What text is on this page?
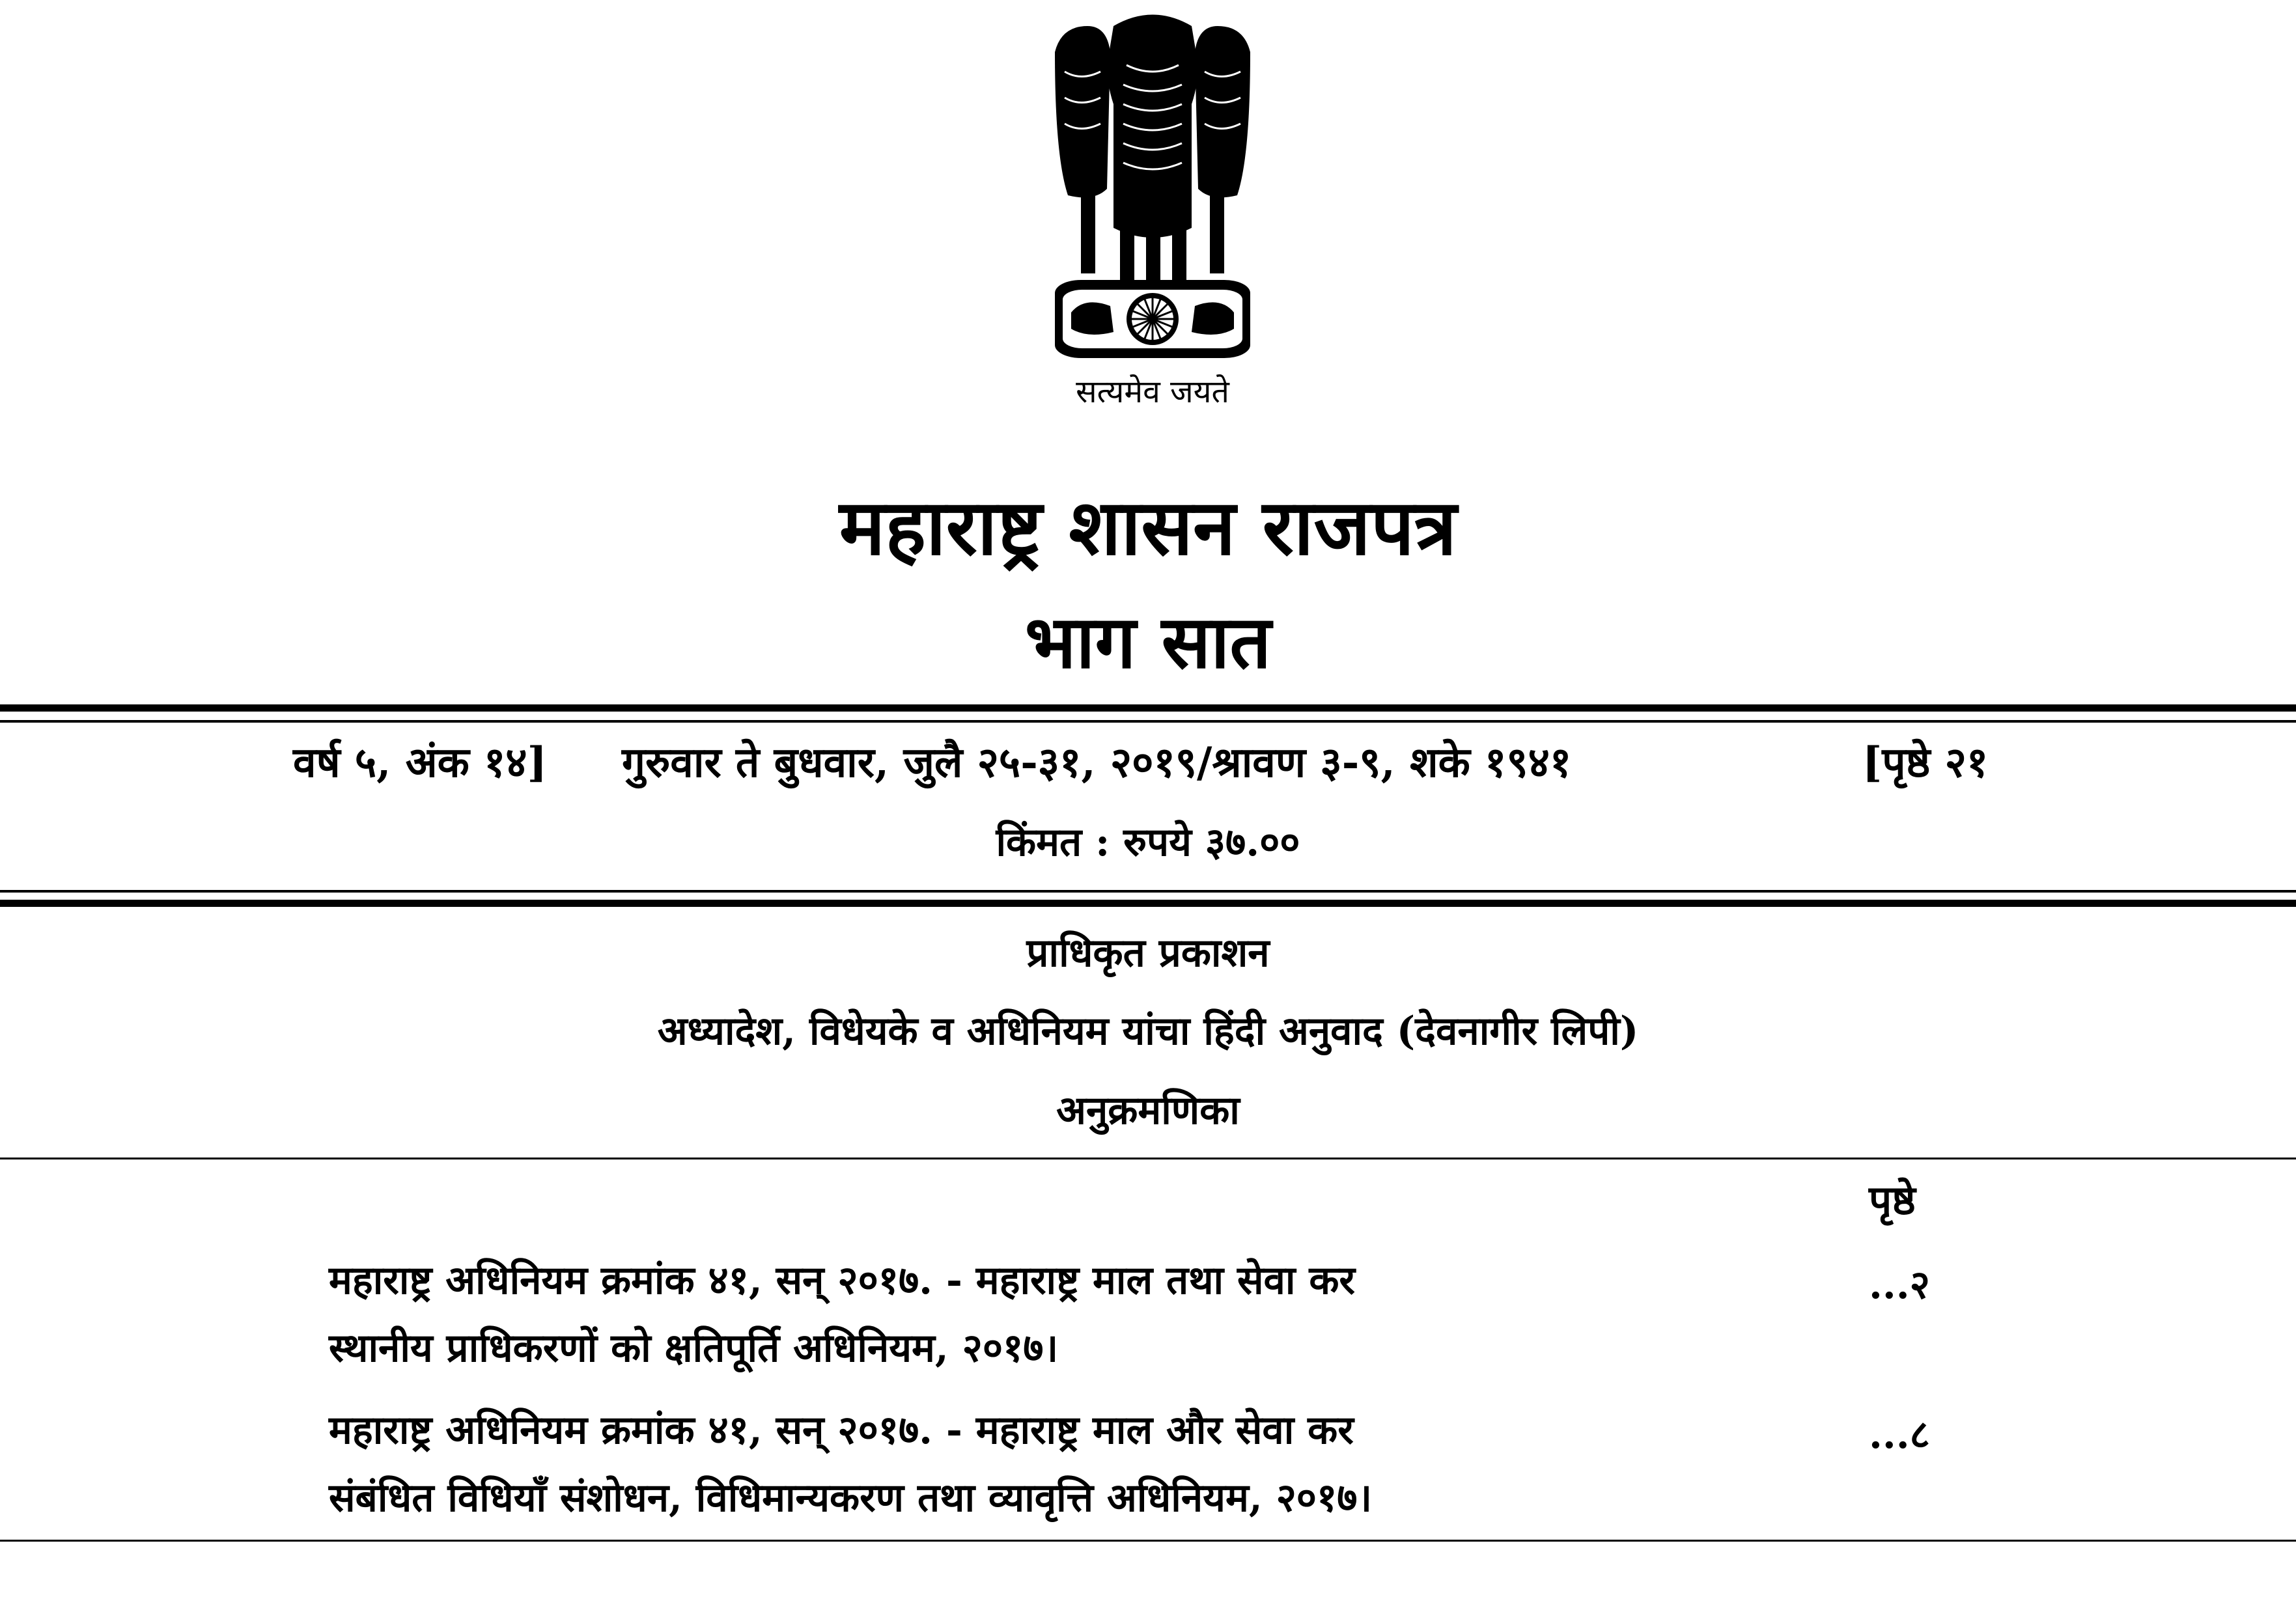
सत्यमेव जयते
महाराष्ट्र शासन राजपत्र
भाग सात
वर्ष ५, अंक १४] गुरुवार ते बुधवार, जुलै २५-३१, २०१९/श्रावण ३-९, शके १९४१	[पृष्ठे २१
किंमत : रुपये ३७.००
प्राधिकृत प्रकाशन
अध्यादेश, विधेयके व अधिनियम यांचा हिंदी अनुवाद (देवनागीर लिपी)
अनुक्रमणिका
पृष्ठे
महाराष्ट्र अधिनियम क्रमांक ४१, सन् २०१७. - महाराष्ट्र माल तथा सेवा कर
स्थानीय प्राधिकरणों को क्षतिपूर्ति अधिनियम, २०१७।
...२
महाराष्ट्र अधिनियम क्रमांक ४१, सन् २०१७. - महाराष्ट्र माल और सेवा कर
संबंधित विधियाँ संशोधन, विधिमान्यकरण तथा व्यावृत्ति अधिनियम, २०१७।
...८
